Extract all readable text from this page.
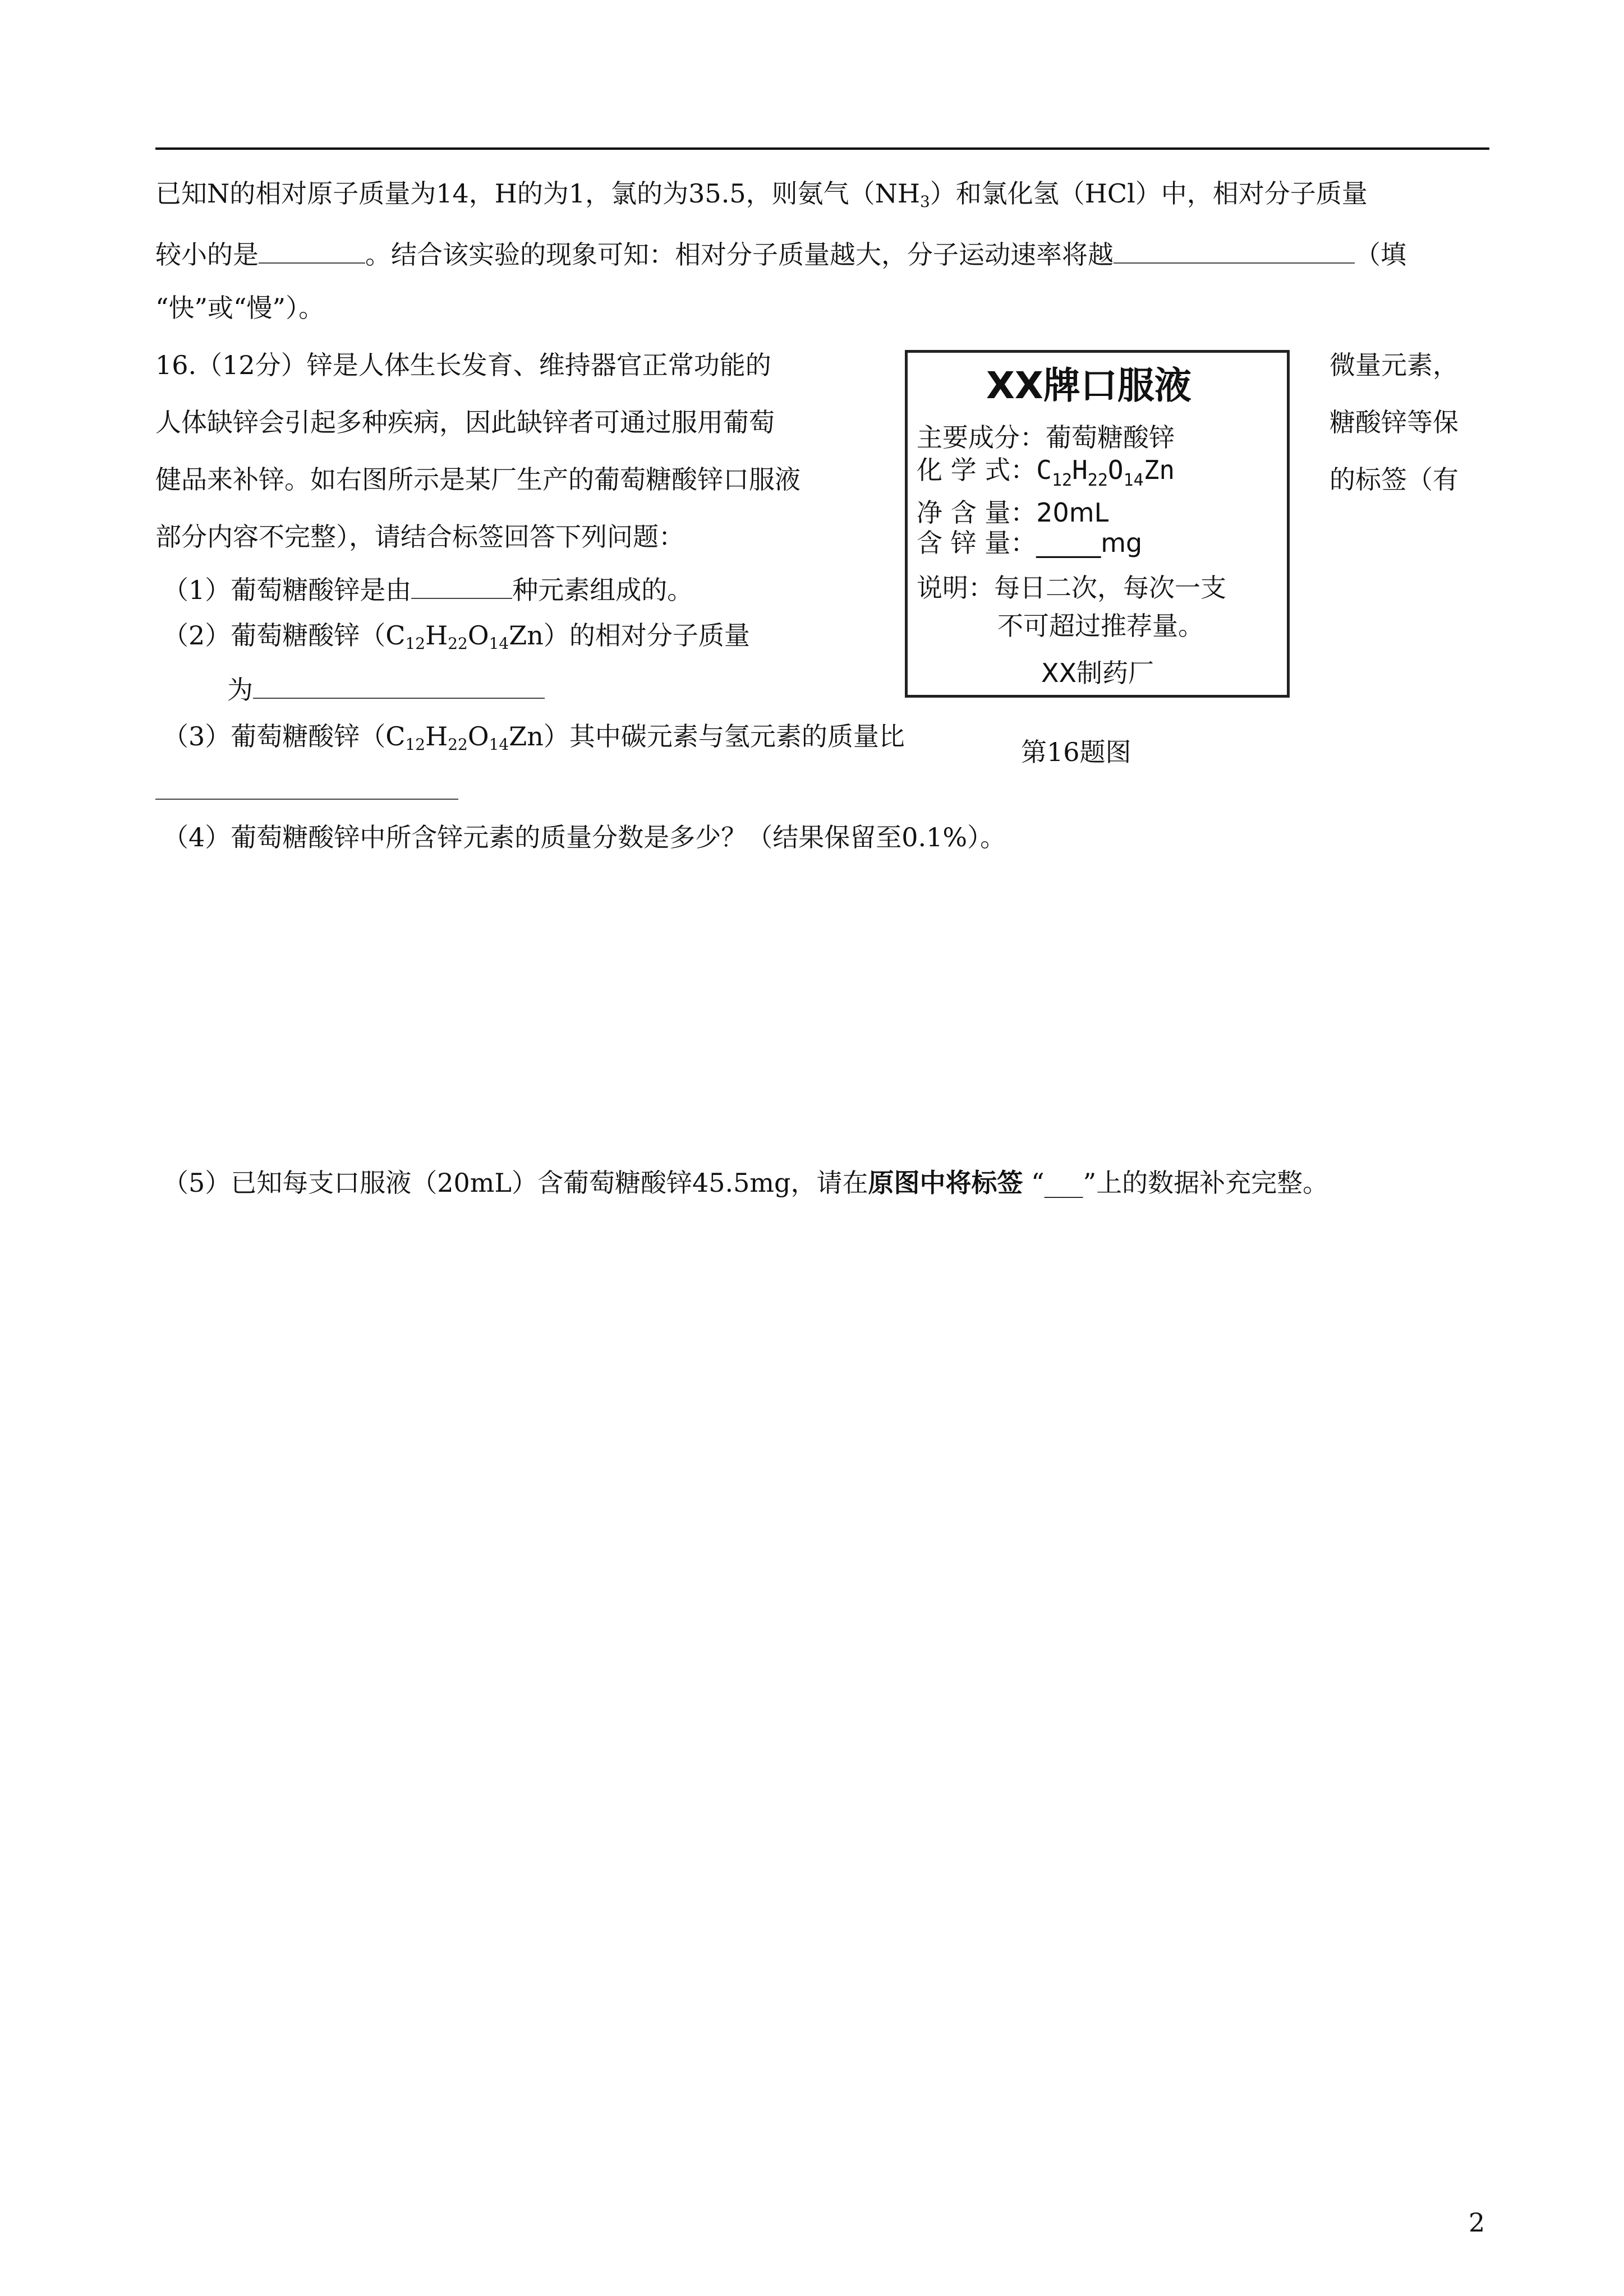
已知N的相对原子质量为14，H的为1，氯的为35.5，则氨气$(NH_3)$和氯化氢（HCl）中，相对分子质量
较小的是	。结合该实验的现象可知：相对分子质量越大，分子运动速率将越	（填
“快”或“慢”）。
16.（12分）锌是人体生长发育、维持器官正常功能的	微量元素，
人体缺锌会引起多种疾病，因此缺锌者可通过服用葡萄	糖酸锌等保
健品来补锌。如右图所示是某厂生产的葡萄糖酸锌口服液	的标签（有
部分内容不完整），请结合标签回答下列问题：
（1）葡萄糖酸锌是由	种元素组成的。
（2）葡萄糖酸锌$(C_{12}H_{22}O_{14}Zn)$的相对分子质量
为
（3）葡萄糖酸锌$(C_{12}H_{22}O_{14}Zn)$其中碳元素与氢元素的质量比
第16题图
（4）葡萄糖酸锌中所含锌元素的质量分数是多少？（结果保留至0.1%）。
（5）已知每支口服液（20mL）含葡萄糖酸锌45.5mg，请在原图中将标签 “___”上的数据补充完整。
XX牌口服液
主要成分：葡萄糖酸锌
化 学 式：$C_{12}H_{22}O_{14}Zn$
净 含 量：20mL
含 锌 量：_____mg
说明：每日二次，每次一支
不可超过推荐量。
XX制药厂
2
